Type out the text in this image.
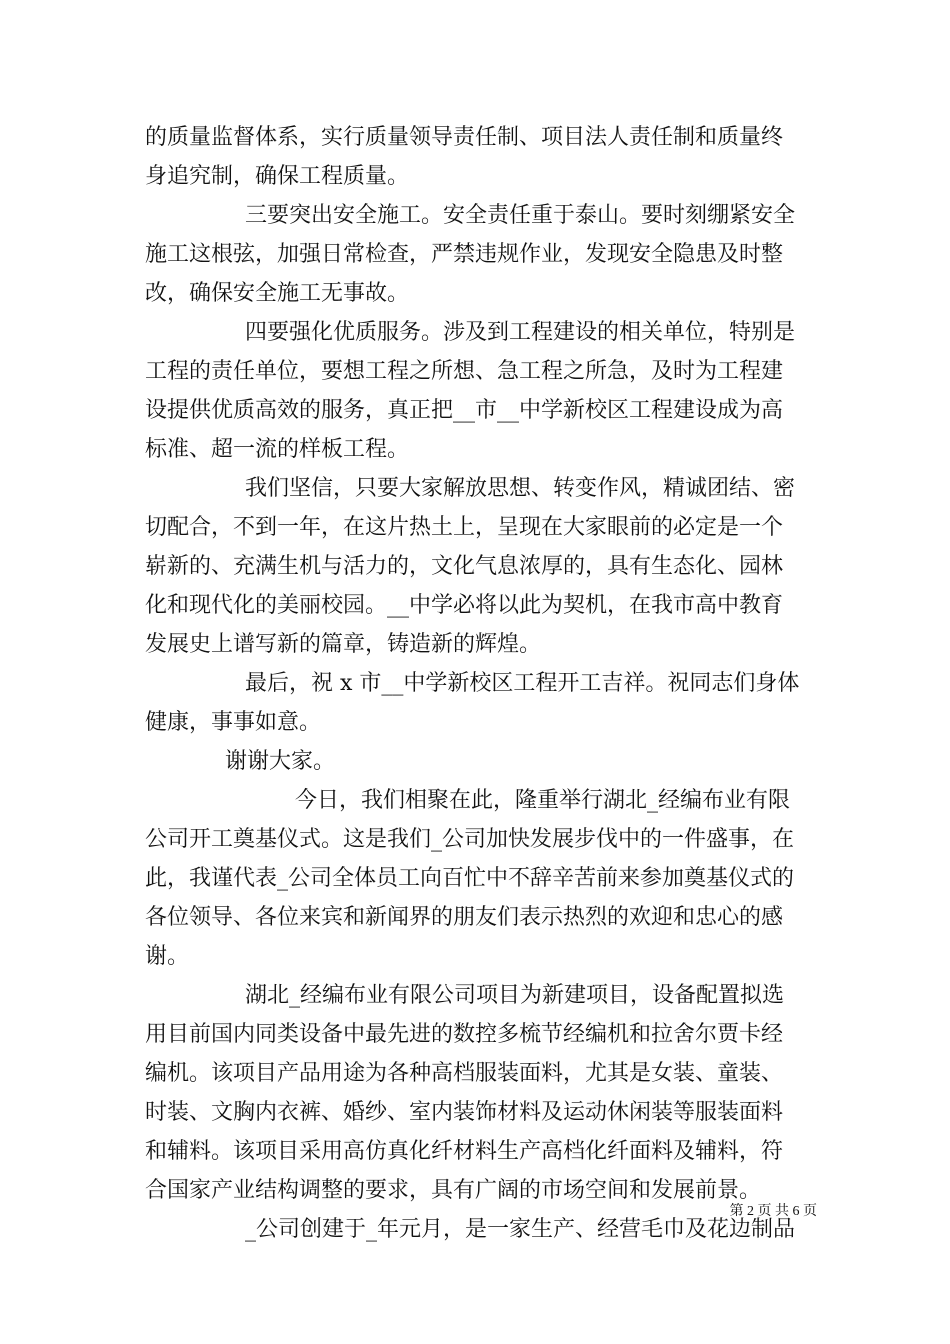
的质量监督体系，实行质量领导责任制、项目法人责任制和质量终
身追究制，确保工程质量。
三要突出安全施工。安全责任重于泰山。要时刻绷紧安全
施工这根弦，加强日常检查，严禁违规作业，发现安全隐患及时整
改，确保安全施工无事故。
四要强化优质服务。涉及到工程建设的相关单位，特别是
工程的责任单位，要想工程之所想、急工程之所急，及时为工程建
设提供优质高效的服务，真正把__市__中学新校区工程建设成为高
标准、超一流的样板工程。
我们坚信，只要大家解放思想、转变作风，精诚团结、密
切配合，不到一年，在这片热土上，呈现在大家眼前的必定是一个
崭新的、充满生机与活力的，文化气息浓厚的，具有生态化、园林
化和现代化的美丽校园。__中学必将以此为契机，在我市高中教育
发展史上谱写新的篇章，铸造新的辉煌。
最后，祝 x 市__中学新校区工程开工吉祥。祝同志们身体
健康，事事如意。
谢谢大家。
今日，我们相聚在此，隆重举行湖北_经编布业有限
公司开工奠基仪式。这是我们_公司加快发展步伐中的一件盛事，在
此，我谨代表_公司全体员工向百忙中不辞辛苦前来参加奠基仪式的
各位领导、各位来宾和新闻界的朋友们表示热烈的欢迎和忠心的感
谢。
湖北_经编布业有限公司项目为新建项目，设备配置拟选
用目前国内同类设备中最先进的数控多梳节经编机和拉舍尔贾卡经
编机。该项目产品用途为各种高档服装面料，尤其是女装、童装、
时装、文胸内衣裤、婚纱、室内装饰材料及运动休闲装等服装面料
和辅料。该项目采用高仿真化纤材料生产高档化纤面料及辅料，符
合国家产业结构调整的要求，具有广阔的市场空间和发展前景。
_公司创建于_年元月，是一家生产、经营毛巾及花边制品
第 2 页 共 6 页
